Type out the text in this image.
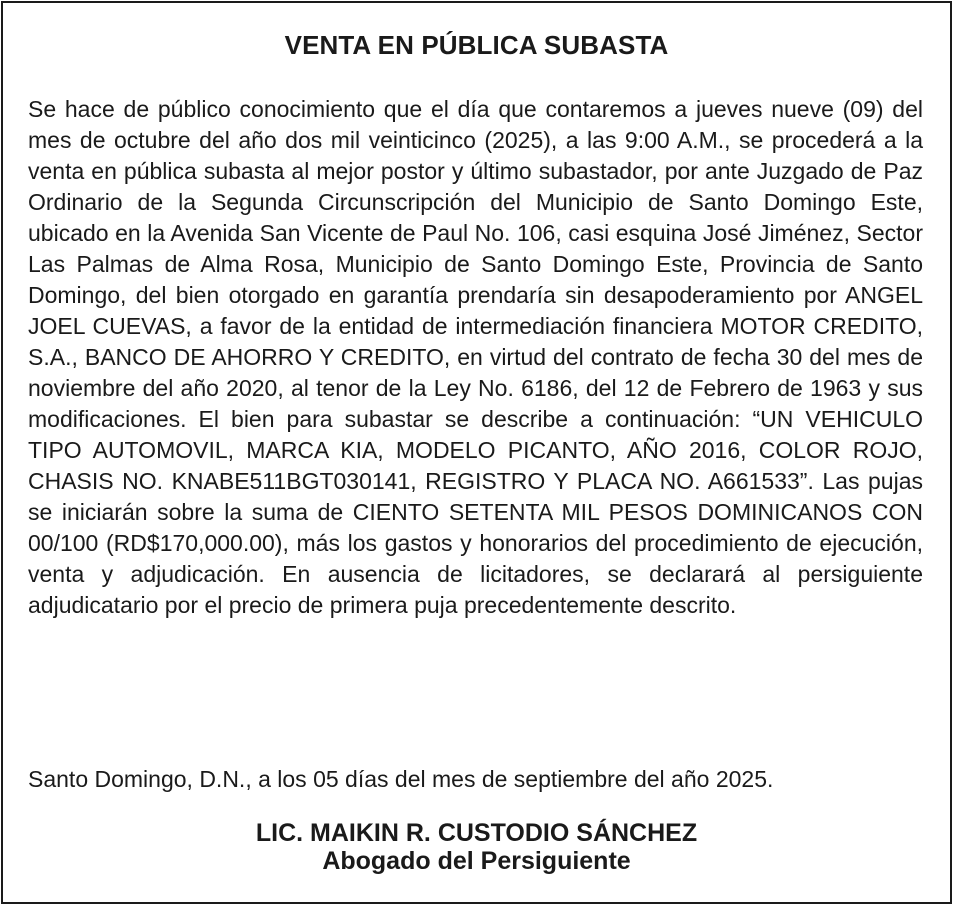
VENTA EN PÚBLICA SUBASTA

Se hace de público conocimiento que el día que contaremos a jueves nueve (09) del mes de octubre del año dos mil veinticinco (2025), a las 9:00 A.M., se procederá a la venta en pública subasta al mejor postor y último subastador, por ante Juzgado de Paz Ordinario de la Segunda Circunscripción del Municipio de Santo Domingo Este, ubicado en la Avenida San Vicente de Paul No. 106, casi esquina José Jiménez, Sector Las Palmas de Alma Rosa, Municipio de Santo Domingo Este, Provincia de Santo Domingo, del bien otorgado en garantía prendaría sin desapoderamiento por ANGEL JOEL CUEVAS, a favor de la entidad de intermediación financiera MOTOR CREDITO, S.A., BANCO DE AHORRO Y CREDITO, en virtud del contrato de fecha 30 del mes de noviembre del año 2020, al tenor de la Ley No. 6186, del 12 de Febrero de 1963 y sus modificaciones. El bien para subastar se describe a continuación: “UN VEHICULO TIPO AUTOMOVIL, MARCA KIA, MODELO PICANTO, AÑO 2016, COLOR ROJO, CHASIS NO. KNABE511BGT030141, REGISTRO Y PLACA NO. A661533”. Las pujas se iniciarán sobre la suma de CIENTO SETENTA MIL PESOS DOMINICANOS CON 00/100 (RD$170,000.00), más los gastos y honorarios del procedimiento de ejecución, venta y adjudicación. En ausencia de licitadores, se declarará al persiguiente adjudicatario por el precio de primera puja precedentemente descrito.

Santo Domingo, D.N., a los 05 días del mes de septiembre del año 2025.

LIC. MAIKIN R. CUSTODIO SÁNCHEZ
Abogado del Persiguiente
